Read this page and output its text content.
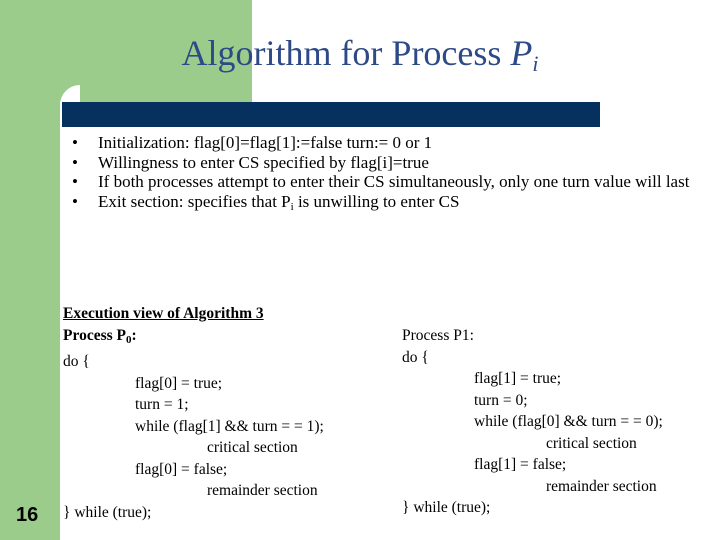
Algorithm for Process $P_i$
• Initialization: flag[0]=flag[1]:=false turn:= 0 or 1
• Willingness to enter CS specified by flag[i]=true
• If both processes attempt to enter their CS simultaneously, only one turn value will last
• Exit section: specifies that Pi is unwilling to enter CS
Execution view of Algorithm 3
Process P0:
do {
flag[0] = true;
turn = 1;
while (flag[1] && turn = = 1);
critical section
flag[0] = false;
remainder section
} while (true);
Process P1:
do {
flag[1] = true;
turn = 0;
while (flag[0] && turn = = 0);
critical section
flag[1] = false;
remainder section
} while (true);
16
